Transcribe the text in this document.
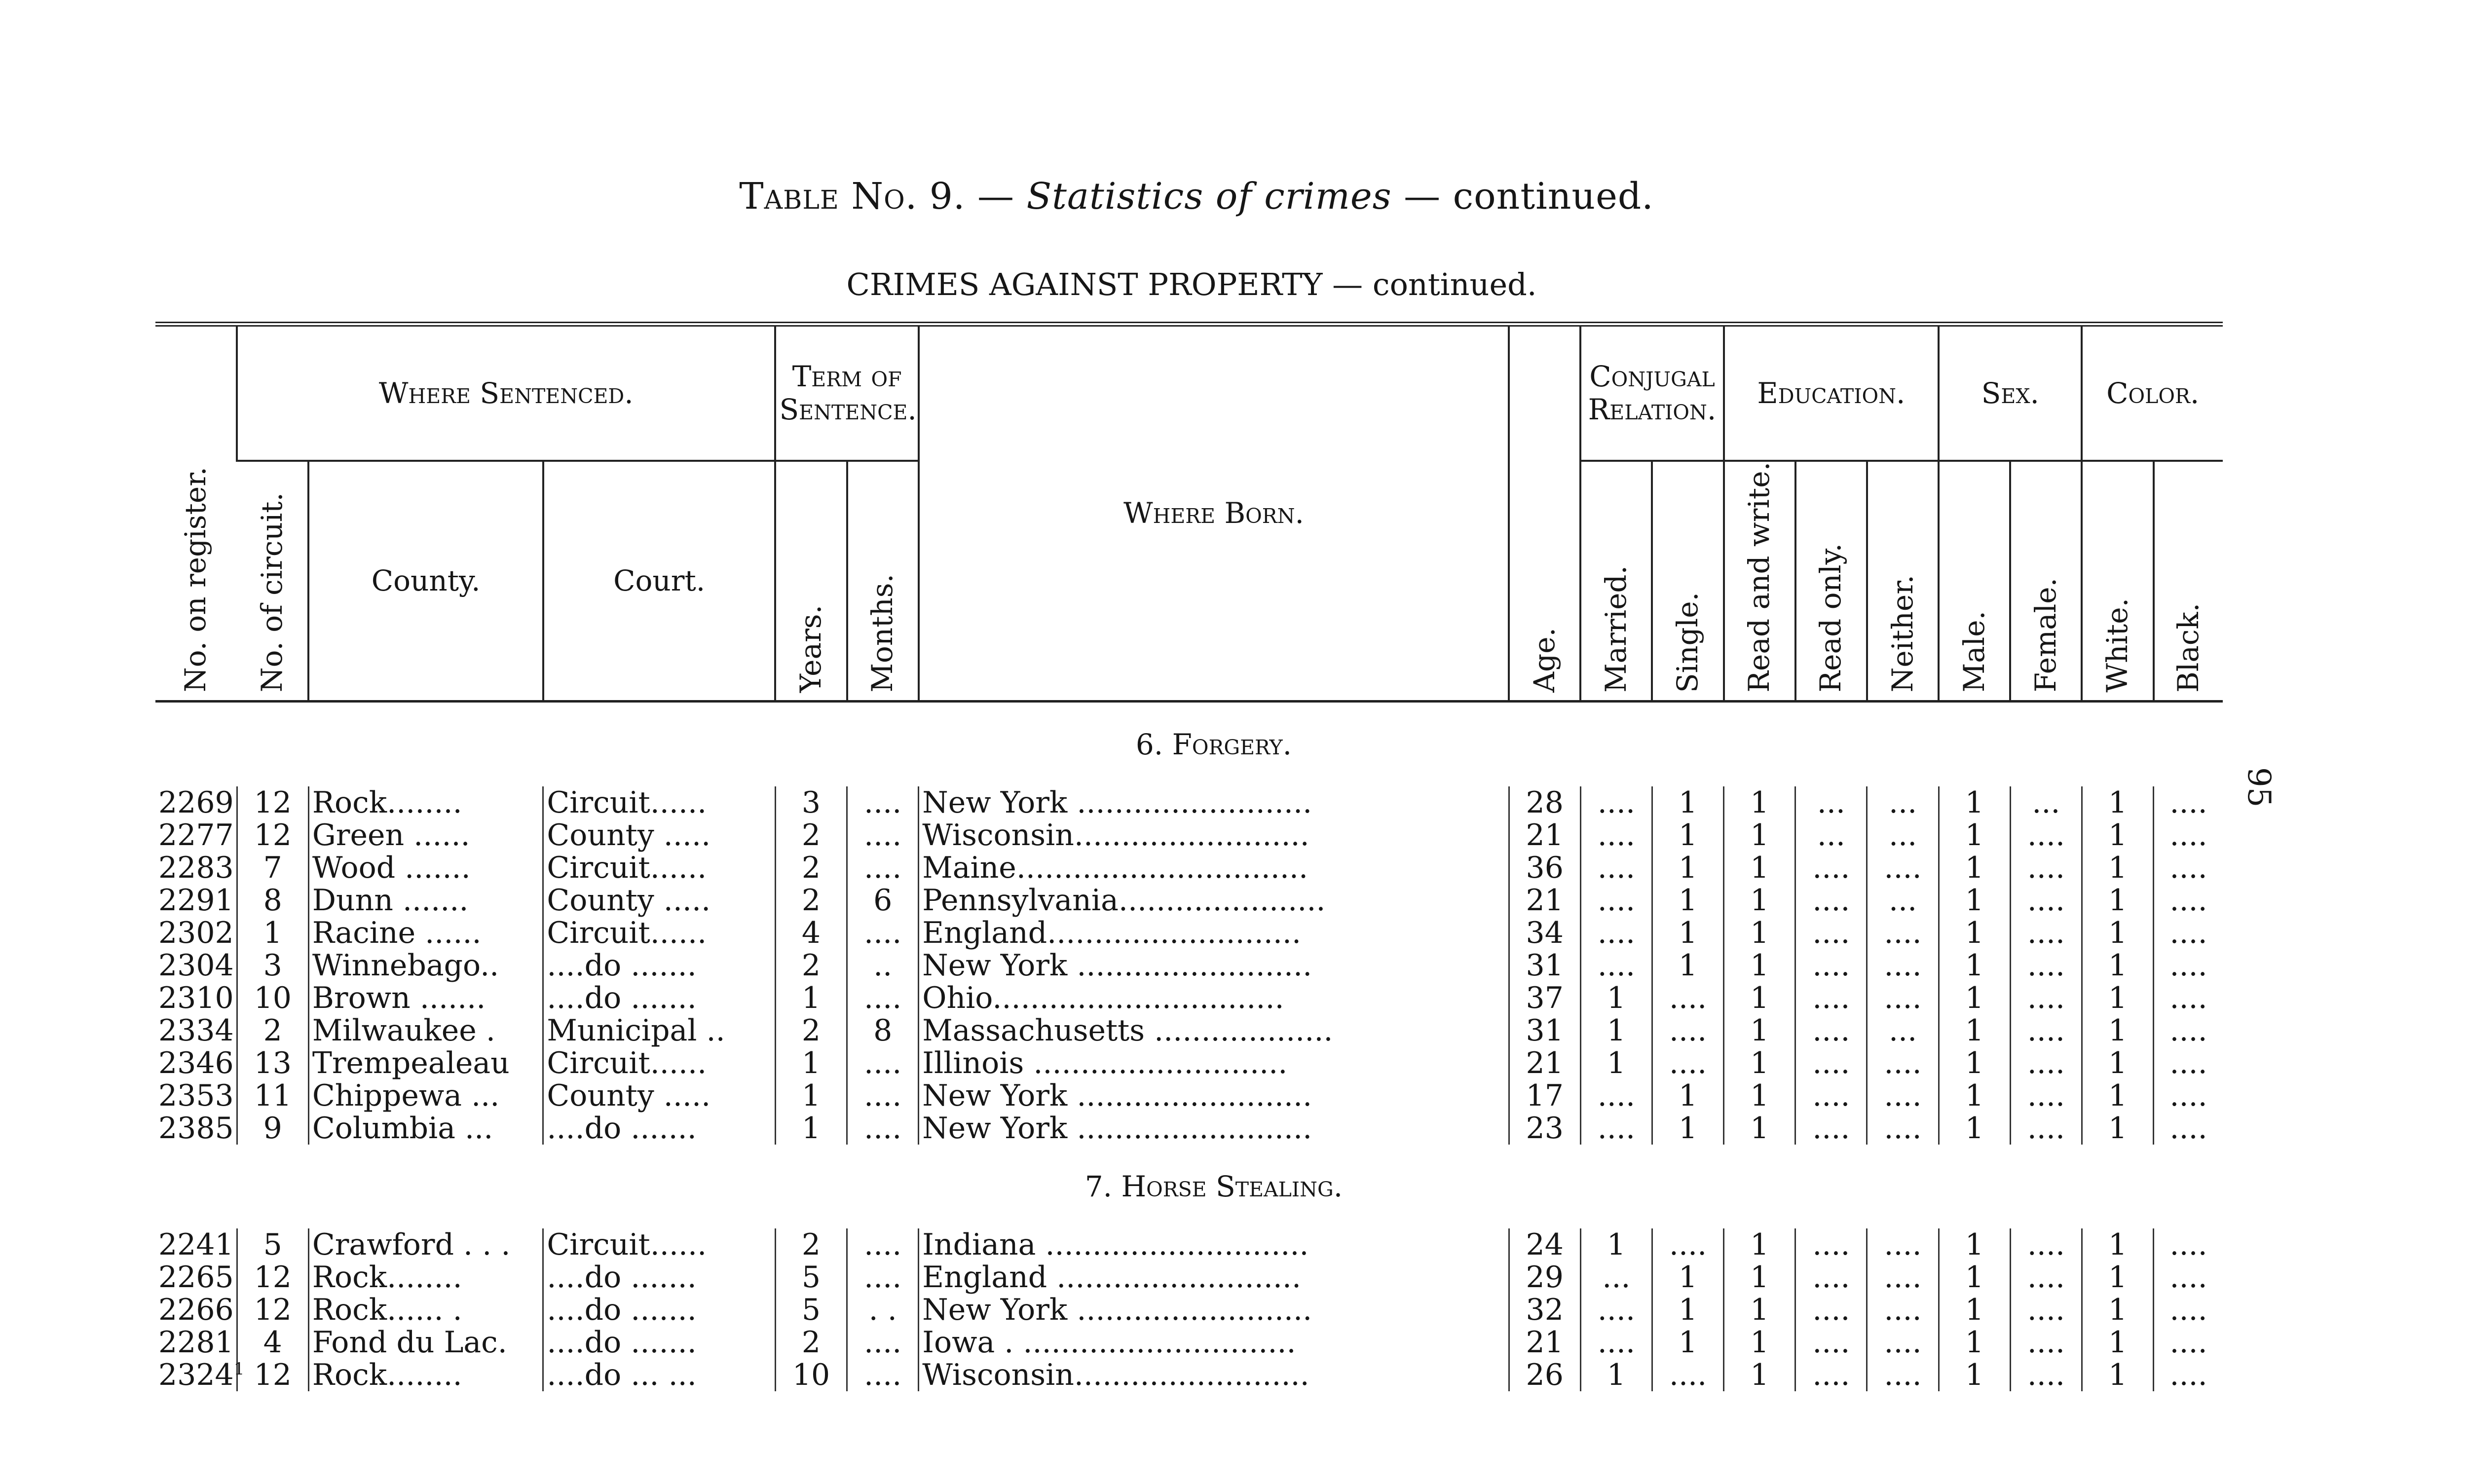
Table No. 9. — Statistics of crimes — continued.
CRIMES AGAINST PROPERTY — continued.
95
No. on register.	Where Sentenced.			Term of Sentence.		Where Born.	Age.	Conjugal Relation.		Education.			Sex.		Color.	
	No. of circuit.	County.	Court.	Years.	Months.			Married.	Single.	Read and write.	Read only.	Neither.	Male.	Female.	White.	Black.
						6. Forgery.										
2269	12	Rock........	Circuit......	3	....	New York .........................	28	....	1	1	...	...	1	...	1	....
2277	12	Green ......	County .....	2	....	Wisconsin.........................	21	....	1	1	...	...	1	....	1	....
2283	7	Wood .......	Circuit......	2	....	Maine...............................	36	....	1	1	....	....	1	....	1	....
2291	8	Dunn .......	County .....	2	6	Pennsylvania......................	21	....	1	1	....	...	1	....	1	....
2302	1	Racine ......	Circuit......	4	....	England...........................	34	....	1	1	....	....	1	....	1	....
2304	3	Winnebago..	....do .......	2	..	New York .........................	31	....	1	1	....	....	1	....	1	....
2310	10	Brown .......	....do .......	1	....	Ohio...............................	37	1	....	1	....	....	1	....	1	....
2334	2	Milwaukee .	Municipal ..	2	8	Massachusetts ...................	31	1	....	1	....	...	1	....	1	....
2346	13	Trempealeau	Circuit......	1	....	Illinois ...........................	21	1	....	1	....	....	1	....	1	....
2353	11	Chippewa ...	County .....	1	....	New York .........................	17	....	1	1	....	....	1	....	1	....
2385	9	Columbia ...	....do .......	1	....	New York .........................	23	....	1	1	....	....	1	....	1	....
						7. Horse Stealing.										
2241	5	Crawford . . .	Circuit......	2	....	Indiana ............................	24	1	....	1	....	....	1	....	1	....
2265	12	Rock........	....do .......	5	....	England ..........................	29	...	1	1	....	....	1	....	1	....
2266	12	Rock...... .	....do .......	5	. .	New York .........................	32	....	1	1	....	....	1	....	1	....
2281	4	Fond du Lac.	....do .......	2	....	Iowa . .............................	21	....	1	1	....	....	1	....	1	....
2324$^1$	12	Rock........	....do ... ...	10	....	Wisconsin.........................	26	1	....	1	....	....	1	....	1	....
